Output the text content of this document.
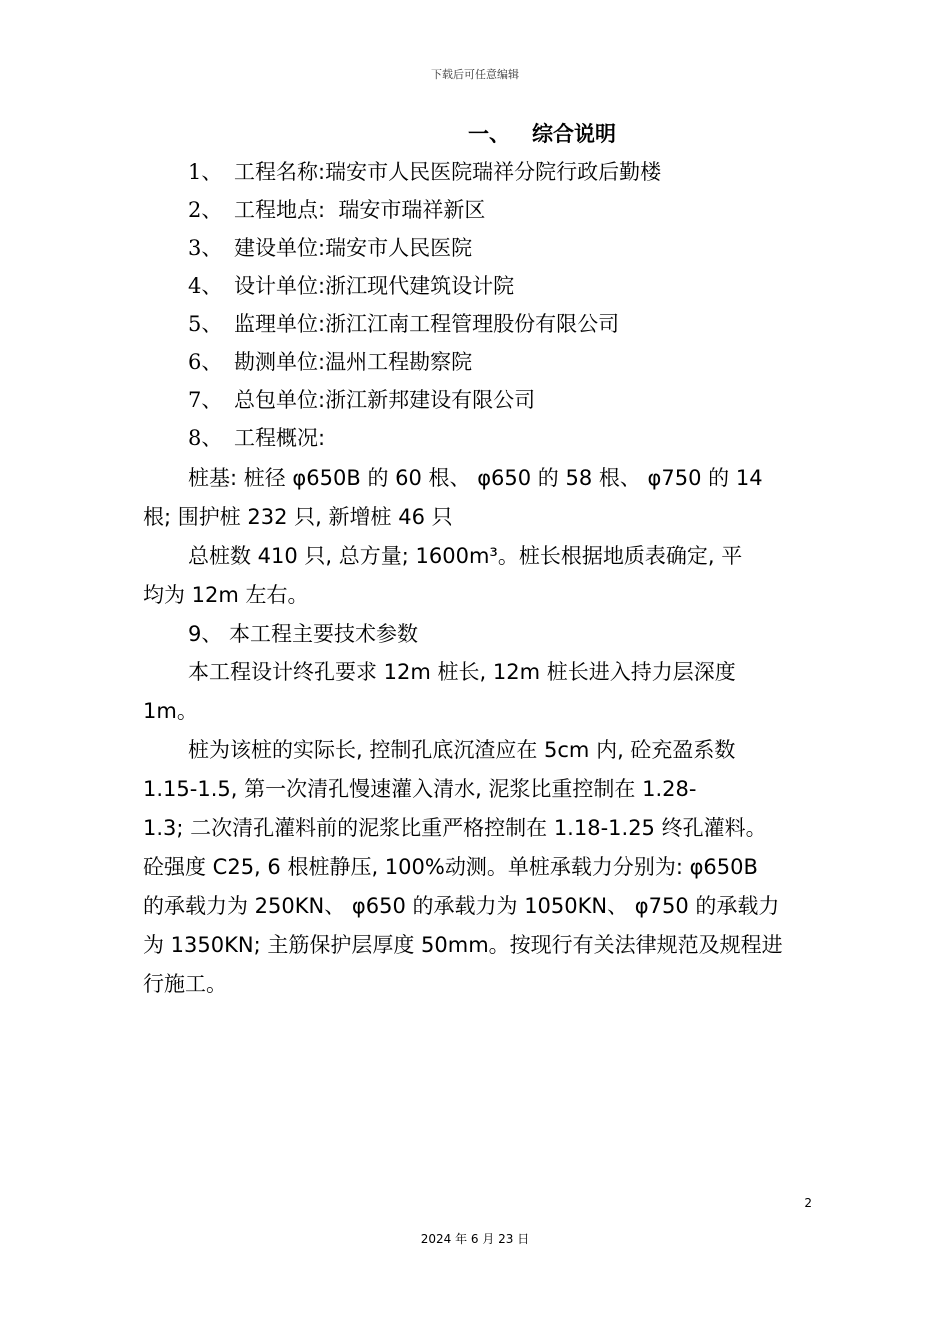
下载后可任意编辑
一、 综合说明
1、 工程名称:瑞安市人民医院瑞祥分院行政后勤楼
2、 工程地点:  瑞安市瑞祥新区
3、 建设单位:瑞安市人民医院
4、 设计单位:浙江现代建筑设计院
5、 监理单位:浙江江南工程管理股份有限公司
6、 勘测单位:温州工程勘察院
7、 总包单位:浙江新邦建设有限公司
8、 工程概况:

桩基: 桩径 φ650B 的 60 根、 φ650 的 58 根、 φ750 的 14
根; 围护桩 232 只, 新增桩 46 只

总桩数 410 只, 总方量; 1600m³。桩长根据地质表确定, 平
均为 12m 左右。

9、 本工程主要技术参数

本工程设计终孔要求 12m 桩长, 12m 桩长进入持力层深度
1m。

桩为该桩的实际长, 控制孔底沉渣应在 5cm 内, 砼充盈系数
1.15-1.5, 第一次清孔慢速灌入清水, 泥浆比重控制在 1.28-
1.3; 二次清孔灌料前的泥浆比重严格控制在 1.18-1.25 终孔灌料。
砼强度 C25, 6 根桩静压, 100%动测。单桩承载力分别为: φ650B
的承载力为 250KN、 φ650 的承载力为 1050KN、 φ750 的承载力
为 1350KN; 主筋保护层厚度 50mm。按现行有关法律规范及规程进
行施工。

2
2024 年 6 月 23 日
